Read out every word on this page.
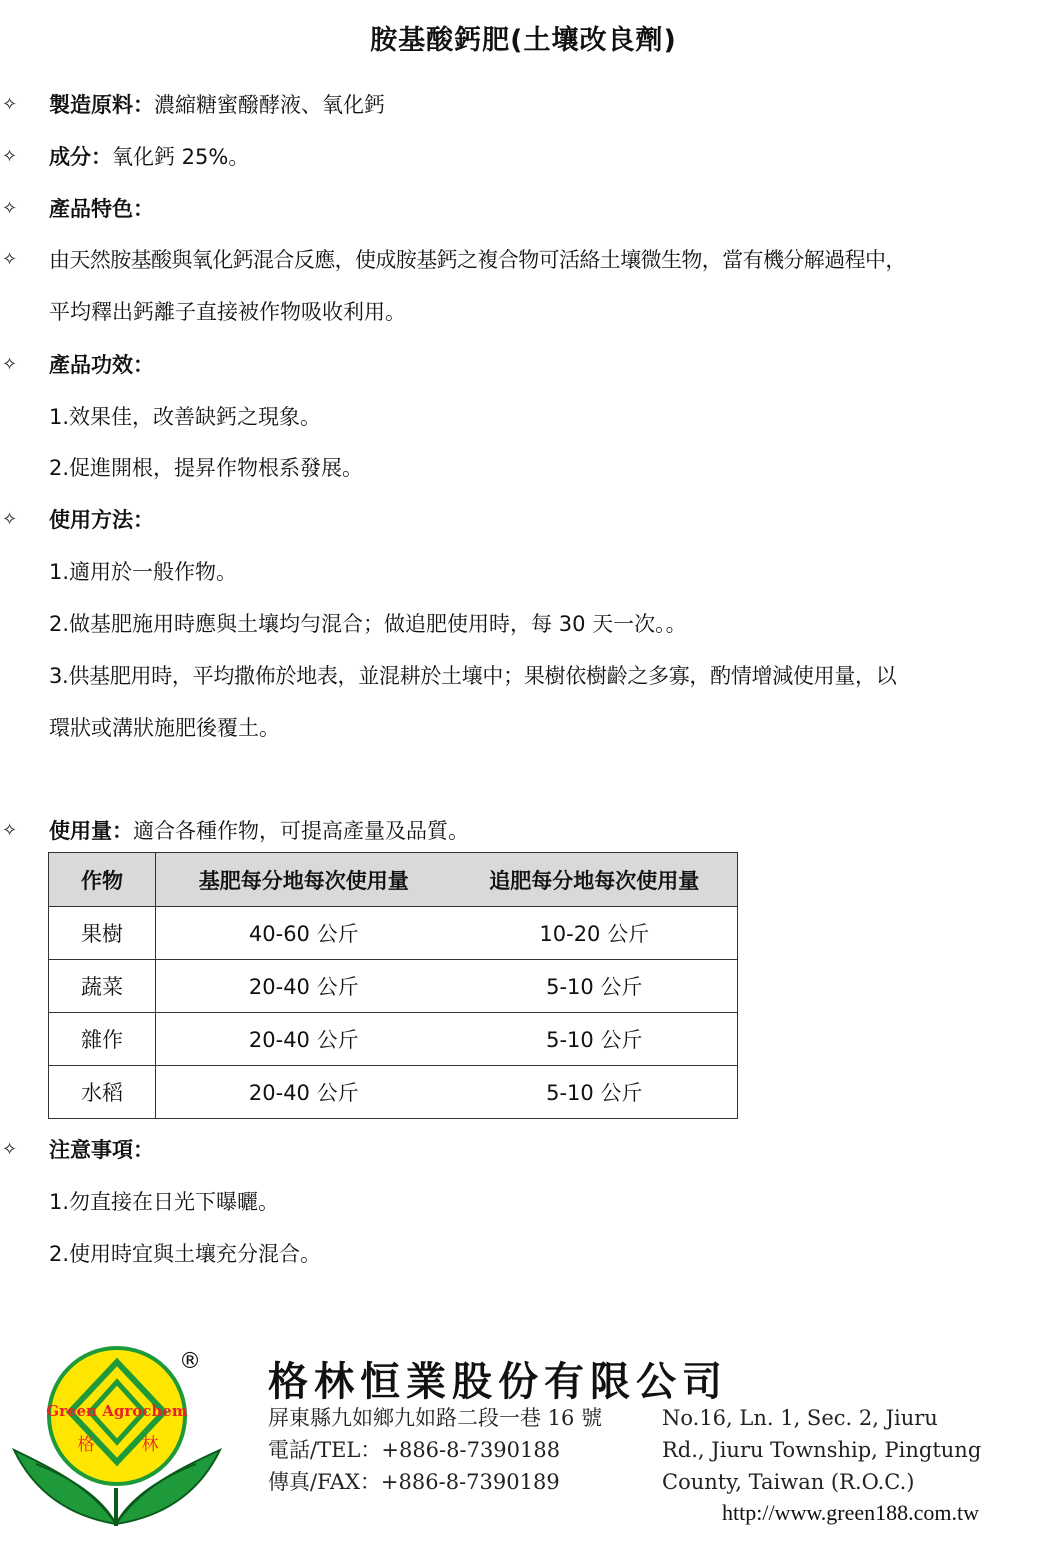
胺基酸鈣肥(土壤改良劑)
✧ 製造原料：濃縮糖蜜醱酵液、氧化鈣
✧ 成分：氧化鈣 25%。
✧ 產品特色：
✧ 由天然胺基酸與氧化鈣混合反應，使成胺基鈣之複合物可活絡土壤微生物，當有機分解過程中，
平均釋出鈣離子直接被作物吸收利用。
✧ 產品功效：
1.效果佳，改善缺鈣之現象。
2.促進開根，提昇作物根系發展。
✧ 使用方法：
1.適用於一般作物。
2.做基肥施用時應與土壤均勻混合；做追肥使用時，每 30 天一次。。
3.供基肥用時，平均撒佈於地表，並混耕於土壤中；果樹依樹齡之多寡，酌情增減使用量，以
環狀或溝狀施肥後覆土。
✧ 使用量：適合各種作物，可提高產量及品質。
作物	基肥每分地每次使用量	追肥每分地每次使用量
果樹	40-60 公斤	10-20 公斤
蔬菜	20-40 公斤	5-10 公斤
雜作	20-40 公斤	5-10 公斤
水稻	20-40 公斤	5-10 公斤
✧ 注意事項：
1.勿直接在日光下曝曬。
2.使用時宜與土壤充分混合。
Green Agrochem
格	林
® 格林恒業股份有限公司
屏東縣九如鄉九如路二段一巷 16 號
電話/TEL：+886-8-7390188
傳真/FAX：+886-8-7390189
No.16, Ln. 1, Sec. 2, Jiuru
Rd., Jiuru Township, Pingtung
County, Taiwan (R.O.C.)
http://www.green188.com.tw
